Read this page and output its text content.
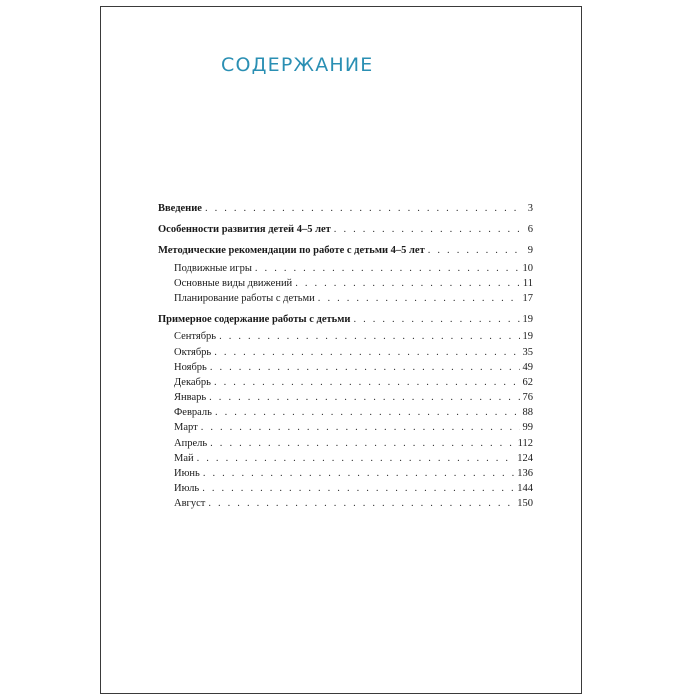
СОДЕРЖАНИЕ
Введение . . .	3
Особенности развития детей 4–5 лет . . .	6
Методические рекомендации по работе с детьми 4–5 лет . . .	9
Подвижные игры . . .	10
Основные виды движений . . .	11
Планирование работы с детьми . . .	17
Примерное содержание работы с детьми . . .	19
Сентябрь . . .	19
Октябрь . . .	35
Ноябрь . . .	49
Декабрь . . .	62
Январь . . .	76
Февраль . . .	88
Март . . .	99
Апрель . . .	112
Май . . .	124
Июнь . . .	136
Июль . . .	144
Август . . .	150
